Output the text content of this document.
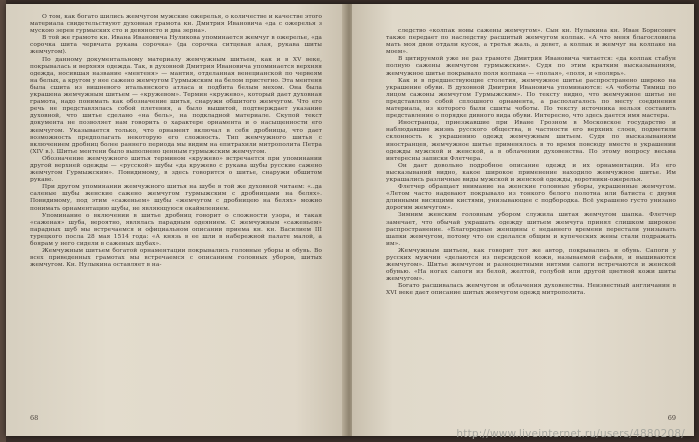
О том, как богато шились жемчугом мужские ожерелья, о количестве и качестве этого материала свидетельствуют духовная грамота кн. Дмитрия Ивановича «да с ожерелья з мускою зерен гурмыских сто и девяносто и два зерна».

В той же грамоте кн. Ивана Ивановича Нуликова упоминается жемчуг в ожерелье, «да сорочка шита червчата рукава сорочка» (да сорочка ситцевая алая, рукава шиты жемчугом).

По данному документальному материалу жемчужным шитьем, как и в XV веке, покрывалась и верхняя одежда. Так, в духовной Дмитрия Ивановича упоминается верхняя одежда, носившая название «ментеня» — мантия, отделанная венецианской по червеям на белых, а кругом у нее сажено жемчугом Гурмыжским на белом пристегно. Эта ментеня была сшита из вишневого итальянского атласа и подбита белым мехом. Она была украшена жемчужным шитьем — «кружевом». Термин «кружево», который дает духовная грамота, надо понимать как обозначение шитья, снаружи обшитого жемчугом. Что его речь не представлялась собой плетения, а было вышитой, подтверждает указание духовной, что шитье сделано «на бель», на подкладной материале. Скупой текст документа не позволяет нам говорить о характере орнамента и о насыщенности его жемчугом. Указывается только, что орнамент включал в себя дробницы, что дает возможность предполагать некоторую его сложность. Тип жемчужного шитья с включением дробниц более раннего периода мы видим на епитрахили митрополита Петра (XIV в.). Шитье ментени было выполнено ценным гурмыжским жемчугом.

Обозначение жемчужного шитья термином «кружево» встречается при упоминании другой верхней одежды — «русской» шубы «да кружево с рукава шубы русские сажено жемчугом Гурмыжским». Повидимому, в здесь говорится о шитье, снаружи обшитом рукаве.

При другом упоминании жемчужного шитья на шубе в той же духовной читаем: «..да саленые шубы женские сажено жемчугом гурмыжским с дробницами на белях». Повидимому, под этим «саженьем» шубы «жемчугом с дробницею на белях» можно понимать орнаментацию шубы, не являющуюся окаймлением.

Упоминание о включении в шитье дробниц говорит о сложности узора, и такая «саженая» шуба, вероятно, являлась парадным одеянием. С жемчужным «саженьем» парадных шуб мы встречаемся и официальном описании приема кн. кн. Василием III турецкого посла 28 мая 1514 года: «А князь в ее шли в набережной палате малой, а боярам у него сидели в саженых шубах».

Жемчужным шитьем богатой орнаментации покрывались головные уборы и обувь. Во всех приведенных грамотах мы встречаемся с описанием головных уборов, шитых жемчугом. Кн. Нулыкина оставляет в на-

68

следство «колпак новы сажены жемчугом». Сын кн. Нулыкина кн. Иван Борисович также передает по наследству расшитый жемчугом колпак. «А что меня благословила мать моя двои отдали кусок, а третья жаль, а девет, а колпак и жемчуг на колпаке на моем».

В цитируемой уже не раз грамоте Дмитрия Ивановича читается: «да колпак стабун полную сажены жемчугом гурмыжским». Судя по этим кратким высказываниям, жемчужное шитье покрывало поля колпака — «полая», «поля, и «полярь».

Как и в предшествующие столетия, жемчужное шитье распространено широко на украшение обуви. В духовной Дмитрия Ивановича упоминаются: «А чоботы Тимиш по лицом сажоны жемчугом Гурмыжским». По тексту видно, что жемчужное шитье не представляло собой сплошного орнамента, а располагалось по месту соединения материала, из которого были сшиты чоботы. По тексту источника нельзя составить представление о порядке дивного вида обуви. Интересно, что здесь дается имя мастера.

Иностранцы, приезжавшие при Иване Грозном в Московское государство и наблюдавшие жизнь русского общества, в частности его верхних слоев, подметили склонность к украшению одежд жемчужным шитьем. Судя по высказываниям иностранцев, жемчужное шитье применялось в то время повсюду вместе в украшении одежды мужской и женской, а в облачении духовенства. По этому вопросу весьма интересны записки Флетчера.

Он дает довольно подробное описание одежд и их орнаментации. Из его высказываний видно, какое широкое применение находило жемчужное шитье. Им украшались различные виды мужской и женской одежды, воротники-ожерелья.

Флетчер обращает внимание на женские головные уборы, украшенные жемчугом. «Летом часто надевают покрывало из тонкого белого полотна или батиста с двумя длинными висящими кистями, унизывающее с подбородка. Всё украшено густо унизано дорогим жемчугом».

Зимним женским головным убором служила шитая жемчугом шапка. Флетчер замечает, что обычай украшать одежду шитьем жемчуга принял слишком широкое распространение. «Благородные женщины с недавнего времени перестали унизывать шапки жемчугом, потому что он сделался общим и купеческих жены стали подражать им».

Жемчужным шитьем, как говорит тот же автор, покрывались и обувь. Сапоги у русских мужчин «делаются из персидской кожи, называемой сафьян, и вышиваются жемчугом». Шитье жемчугом и разноцветными нитями сапоги встречаются и женской обувью. «На ногах сапоги из белой, желтой, голубой или другой цветной кожи шиты жемчугом».

Богато расшивалась жемчугом и облачения духовенства. Неизвестный англичанин в XVI веке дает описание шитых жемчугом одежд митрополита.

69
http://www.liveinternet.ru/users/4880208/
